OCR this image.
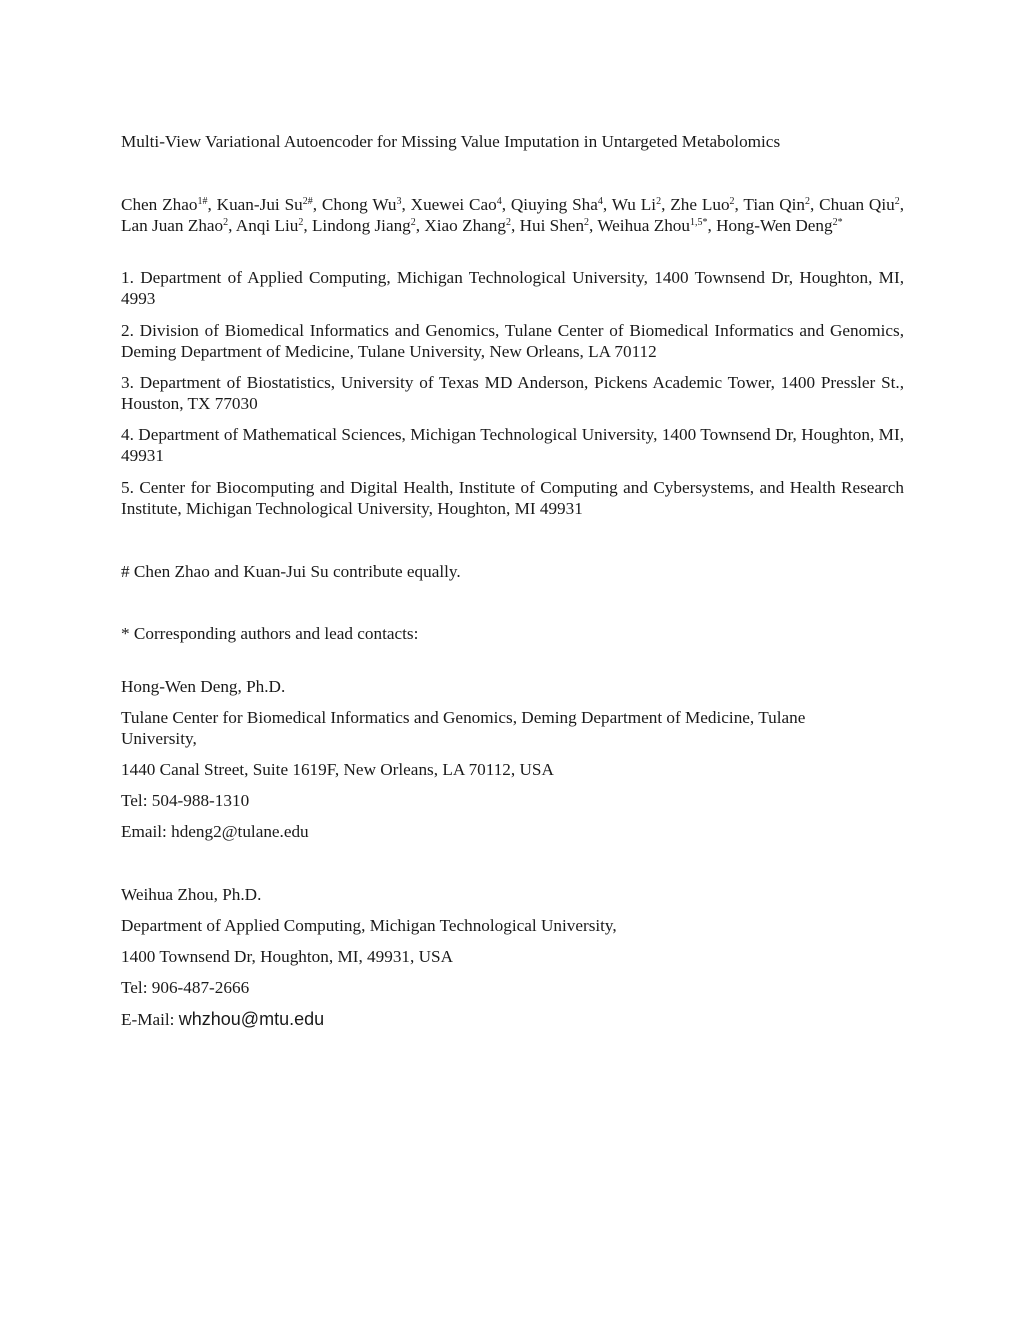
Multi-View Variational Autoencoder for Missing Value Imputation in Untargeted Metabolomics

Chen Zhao$^{1\#}$, Kuan-Jui $Su^{2\#}$, Chong Wu$^3$, Xuewei Cao$^4$, Qiuying Sha$^4$, Wu Li$^2$, Zhe Luo$^2$, Tian Qin$^2$, Chuan Qiu$^2$, Lan Juan Zhao$^2$, Anqi Liu$^2$, Lindong Jiang$^2$, Xiao Zhang$^2$, Hui Shen$^2$, Weihua Zhou$^{1,5*}$, Hong-Wen Deng$^{2*}$

1. Department of Applied Computing, Michigan Technological University, 1400 Townsend Dr, Houghton, MI, 4993

2. Division of Biomedical Informatics and Genomics, Tulane Center of Biomedical Informatics and Genomics, Deming Department of Medicine, Tulane University, New Orleans, LA 70112

3. Department of Biostatistics, University of Texas MD Anderson, Pickens Academic Tower, 1400 Pressler St., Houston, TX 77030

4. Department of Mathematical Sciences, Michigan Technological University, 1400 Townsend Dr, Houghton, MI, 49931

5. Center for Biocomputing and Digital Health, Institute of Computing and Cybersystems, and Health Research Institute, Michigan Technological University, Houghton, MI 49931

# Chen Zhao and Kuan-Jui Su contribute equally.

* Corresponding authors and lead contacts:

Hong-Wen Deng, Ph.D.

Tulane Center for Biomedical Informatics and Genomics, Deming Department of Medicine, Tulane University,

1440 Canal Street, Suite 1619F, New Orleans, LA 70112, USA

Tel: 504-988-1310

Email: hdeng2@tulane.edu

Weihua Zhou, Ph.D.

Department of Applied Computing, Michigan Technological University,

1400 Townsend Dr, Houghton, MI, 49931, USA

Tel: 906-487-2666

E-Mail: whzhou@mtu.edu
